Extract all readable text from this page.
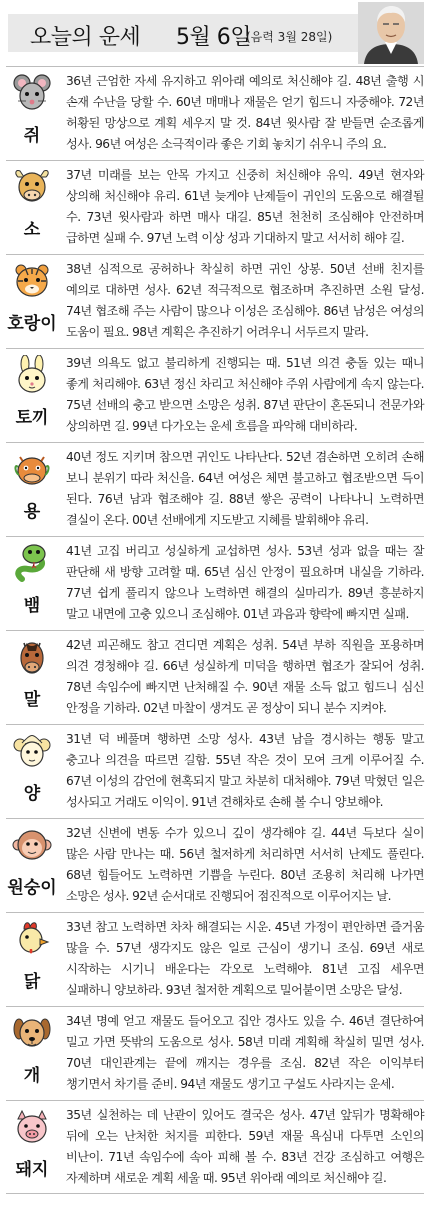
오늘의 운세 5월 6일
(음력 3월 28일)
쥐
36년 근엄한 자세 유지하고 위아래 예의로 처신해야 길. 48년 출행 시 손재 수난을 당할 수. 60년 매매나 재물은 얻기 힘드니 자중해야. 72년 허황된 망상으로 계획 세우지 말 것. 84년 윗사람 잘 받들면 순조롭게 성사. 96년 여성은 소극적이라 좋은 기회 놓치기 쉬우니 주의 요.
소
37년 미래를 보는 안목 가지고 신중히 처신해야 유익. 49년 현자와 상의해 처신해야 유리. 61년 늦게야 난제들이 귀인의 도움으로 해결될 수. 73년 윗사람과 하면 매사 대길. 85년 천천히 조심해야 안전하며 급하면 실패 수. 97년 노력 이상 성과 기대하지 말고 서서히 해야 길.
호랑이
38년 심적으로 공허하나 착실히 하면 귀인 상봉. 50년 선배 친지를 예의로 대하면 성사. 62년 적극적으로 협조하며 추진하면 소원 달성. 74년 협조해 주는 사람이 많으나 이성은 조심해야. 86년 남성은 여성의 도움이 필요. 98년 계획은 추진하기 어려우니 서두르지 말라.
토끼
39년 의욕도 없고 불리하게 진행되는 때. 51년 의견 충돌 있는 때니 좋게 처리해야. 63년 정신 차리고 처신해야 주위 사람에게 속지 않는다. 75년 선배의 충고 받으면 소망은 성취. 87년 판단이 혼돈되니 전문가와 상의하면 길. 99년 다가오는 운세 흐름을 파악해 대비하라.
용
40년 정도 지키며 참으면 귀인도 나타난다. 52년 겸손하면 오히려 손해 보니 분위기 따라 처신을. 64년 여성은 체면 불고하고 협조받으면 득이 된다. 76년 남과 협조해야 길. 88년 쌓은 공력이 나타나니 노력하면 결실이 온다. 00년 선배에게 지도받고 지혜를 발휘해야 유리.
뱀
41년 고집 버리고 성실하게 교섭하면 성사. 53년 성과 없을 때는 잘 판단해 새 방향 고려할 때. 65년 심신 안정이 필요하며 내실을 기하라. 77년 쉽게 풀리지 않으나 노력하면 해결의 실마리가. 89년 흥분하지 말고 내면에 고충 있으니 조심해야. 01년 과음과 향락에 빠지면 실패.
말
42년 피곤해도 참고 견디면 계획은 성취. 54년 부하 직원을 포용하며 의견 경청해야 길. 66년 성실하게 미덕을 행하면 협조가 잘되어 성취. 78년 속임수에 빠지면 난처해질 수. 90년 재물 소득 없고 힘드니 심신 안정을 기하라. 02년 마찰이 생겨도 곧 정상이 되니 분수 지켜야.
양
31년 덕 베풀며 행하면 소망 성사. 43년 남을 경시하는 행동 말고 충고나 의견을 따르면 길함. 55년 작은 것이 모여 크게 이루어질 수. 67년 이성의 감언에 현혹되지 말고 차분히 대처해야. 79년 막혔던 일은 성사되고 거래도 이익이. 91년 견해차로 손해 볼 수니 양보해야.
원숭이
32년 신변에 변동 수가 있으니 깊이 생각해야 길. 44년 득보다 실이 많은 사람 만나는 때. 56년 철저하게 처리하면 서서히 난제도 풀린다. 68년 힘들어도 노력하면 기쁨을 누린다. 80년 조용히 처리해 나가면 소망은 성사. 92년 순서대로 진행되어 점진적으로 이루어지는 날.
닭
33년 참고 노력하면 차차 해결되는 시운. 45년 가정이 편안하면 즐거움 많을 수. 57년 생각지도 않은 일로 근심이 생기니 조심. 69년 새로 시작하는 시기니 배운다는 각오로 노력해야. 81년 고집 세우면 실패하니 양보하라. 93년 철저한 계획으로 밀어붙이면 소망은 달성.
개
34년 명예 얻고 재물도 들어오고 집안 경사도 있을 수. 46년 결단하여 밀고 가면 뜻밖의 도움으로 성사. 58년 미래 계획해 착실히 밀면 성사. 70년 대인관계는 끝에 깨지는 경우를 조심. 82년 작은 이익부터 챙기면서 차기를 준비. 94년 재물도 생기고 구설도 사라지는 운세.
돼지
35년 실천하는 데 난관이 있어도 결국은 성사. 47년 앞뒤가 명확해야 뒤에 오는 난처한 처지를 피한다. 59년 재물 욕심내 다투면 소인의 비난이. 71년 속임수에 속아 피해 볼 수. 83년 건강 조심하고 여행은 자제하며 새로운 계획 세울 때. 95년 위아래 예의로 처신해야 길.
